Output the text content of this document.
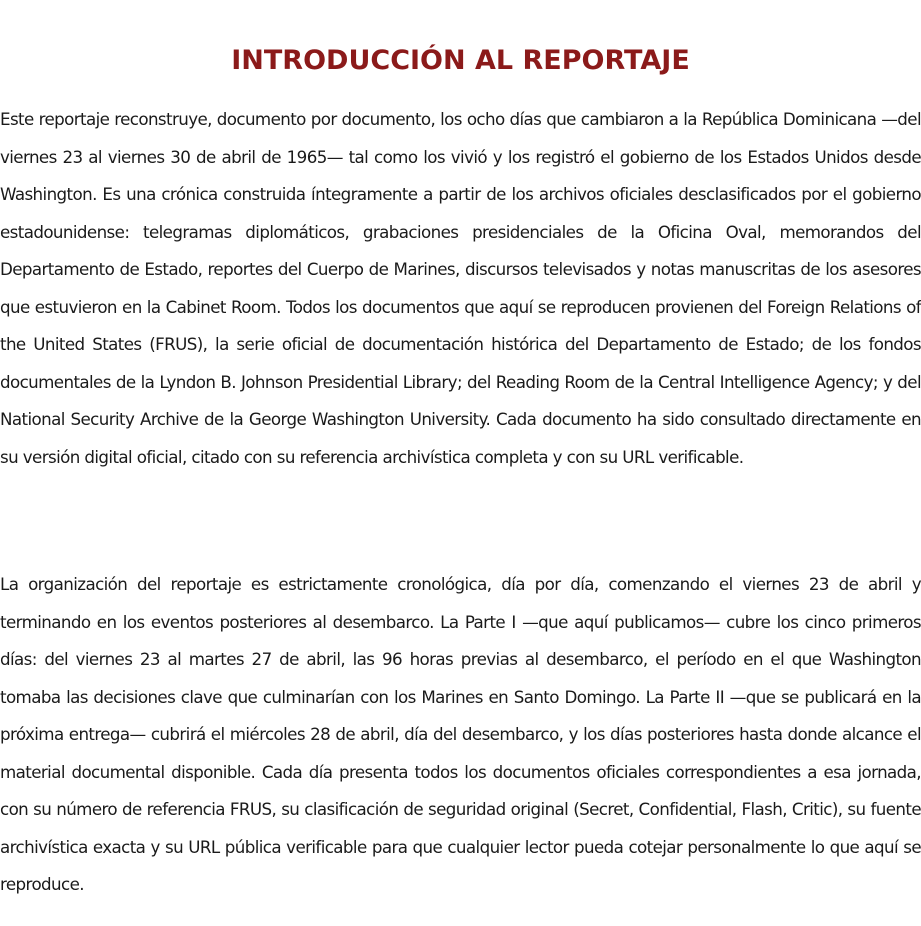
INTRODUCCIÓN AL REPORTAJE

Este reportaje reconstruye, documento por documento, los ocho días que cambiaron a la República Dominicana —del viernes 23 al viernes 30 de abril de 1965— tal como los vivió y los registró el gobierno de los Estados Unidos desde Washington. Es una crónica construida íntegramente a partir de los archivos oficiales desclasificados por el gobierno estadounidense: telegramas diplomáticos, grabaciones presidenciales de la Oficina Oval, memorandos del Departamento de Estado, reportes del Cuerpo de Marines, discursos televisados y notas manuscritas de los asesores que estuvieron en la Cabinet Room. Todos los documentos que aquí se reproducen provienen del Foreign Relations of the United States (FRUS), la serie oficial de documentación histórica del Departamento de Estado; de los fondos documentales de la Lyndon B. Johnson Presidential Library; del Reading Room de la Central Intelligence Agency; y del National Security Archive de la George Washington University. Cada documento ha sido consultado directamente en su versión digital oficial, citado con su referencia archivística completa y con su URL verificable.

La organización del reportaje es estrictamente cronológica, día por día, comenzando el viernes 23 de abril y terminando en los eventos posteriores al desembarco. La Parte I —que aquí publicamos— cubre los cinco primeros días: del viernes 23 al martes 27 de abril, las 96 horas previas al desembarco, el período en el que Washington tomaba las decisiones clave que culminarían con los Marines en Santo Domingo. La Parte II —que se publicará en la próxima entrega— cubrirá el miércoles 28 de abril, día del desembarco, y los días posteriores hasta donde alcance el material documental disponible. Cada día presenta todos los documentos oficiales correspondientes a esa jornada, con su número de referencia FRUS, su clasificación de seguridad original (Secret, Confidential, Flash, Critic), su fuente archivística exacta y su URL pública verificable para que cualquier lector pueda cotejar personalmente lo que aquí se reproduce.
